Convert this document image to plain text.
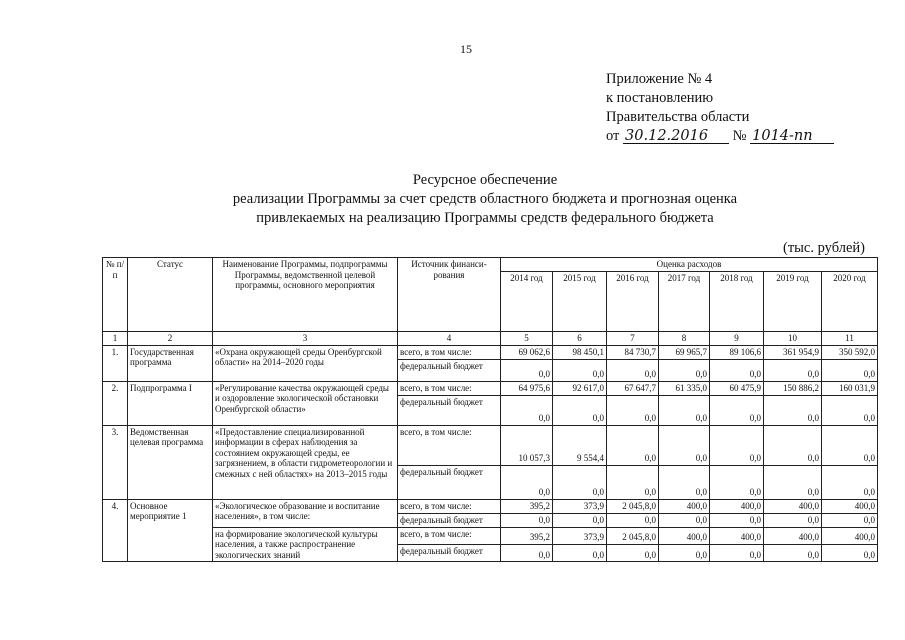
15
Приложение № 4
к постановлению
Правительства области
от 30.12.2016 № 1014-пп
Ресурсное обеспечение
реализации Программы за счет средств областного бюджета и прогнозная оценка
привлекаемых на реализацию Программы средств федерального бюджета
(тыс. рублей)
№ п/п	Статус	Наименование Программы, подпрограммы Программы, ведомственной целевой программы, основного мероприятия	Источник финанси-рования	Оценка расходов						
				2014 год	2015 год	2016 год	2017 год	2018 год	2019 год	2020 год
1	2	3	4	5	6	7	8	9	10	11
1.	Государственная программа	«Охрана окружающей среды Оренбургской области» на 2014–2020 годы	всего, в том числе:	69 062,6	98 450,1	84 730,7	69 965,7	89 106,6	361 954,9	350 592,0
			федеральный бюджет	0,0	0,0	0,0	0,0	0,0	0,0	0,0
2.	Подпрограмма I	«Регулирование качества окружающей среды и оздоровление экологической обстановки Оренбургской области»	всего, в том числе:	64 975,6	92 617,0	67 647,7	61 335,0	60 475,9	150 886,2	160 031,9
			федеральный бюджет	0,0	0,0	0,0	0,0	0,0	0,0	0,0
3.	Ведомственная целевая программа	«Предоставление специализированной информации в сферах наблюдения за состоянием окружающей среды, ее загрязнением, в области гидрометеорологии и смежных с ней областях» на 2013–2015 годы	всего, в том числе:	10 057,3	9 554,4	0,0	0,0	0,0	0,0	0,0
			федеральный бюджет	0,0	0,0	0,0	0,0	0,0	0,0	0,0
4.	Основное мероприятие 1	«Экологическое образование и воспитание населения», в том числе:	всего, в том числе:	395,2	373,9	2 045,8,0	400,0	400,0	400,0	400,0
			федеральный бюджет	0,0	0,0	0,0	0,0	0,0	0,0	0,0
		на формирование экологической культуры населения, а также распространение экологических знаний	всего, в том числе:	395,2	373,9	2 045,8,0	400,0	400,0	400,0	400,0
			федеральный бюджет	0,0	0,0	0,0	0,0	0,0	0,0	0,0
